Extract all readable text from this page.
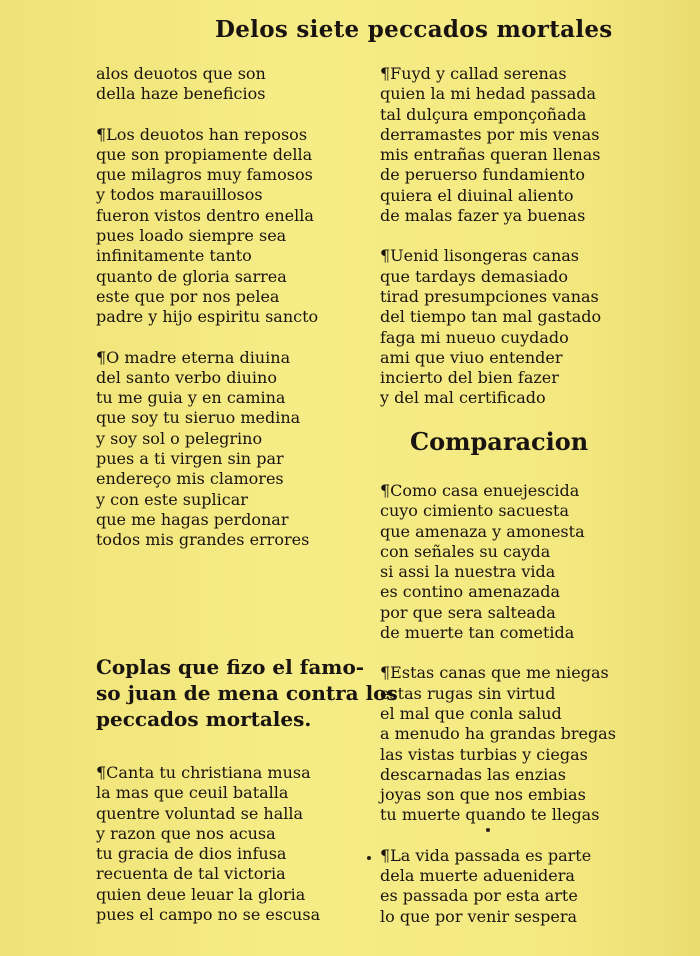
Delos siete peccados mortales
alos deuotos que son
della haze beneficios
¶Los deuotos han reposos
que son propiamente della
que milagros muy famosos
y todos marauillosos
fueron vistos dentro enella
pues loado siempre sea
infinitamente tanto
quanto de gloria sarrea
este que por nos pelea
padre y hijo espiritu sancto
¶O madre eterna diuina
del santo verbo diuino
tu me guia y en camina
que soy tu sieruo medina
y soy sol o pelegrino
pues a ti virgen sin par
endereço mis clamores
y con este suplicar
que me hagas perdonar
todos mis grandes errores
Coplas que fizo el famo-
so juan de mena contra los
peccados mortales.
¶Canta tu christiana musa
la mas que ceuil batalla
quentre voluntad se halla
y razon que nos acusa
tu gracia de dios infusa
recuenta de tal victoria
quien deue leuar la gloria
pues el campo no se escusa
¶Fuyd y callad serenas
quien la mi hedad passada
tal dulçura emponçoñada
derramastes por mis venas
mis entrañas queran llenas
de peruerso fundamiento
quiera el diuinal aliento
de malas fazer ya buenas
¶Uenid lisongeras canas
que tardays demasiado
tirad presumpciones vanas
del tiempo tan mal gastado
faga mi nueuo cuydado
ami que viuo entender
incierto del bien fazer
y del mal certificado
Comparacion
¶Como casa enuejescida
cuyo cimiento sacuesta
que amenaza y amonesta
con señales su cayda
si assi la nuestra vida
es contino amenazada
por que sera salteada
de muerte tan cometida
¶Estas canas que me niegas
estas rugas sin virtud
el mal que conla salud
a menudo ha grandas bregas
las vistas turbias y ciegas
descarnadas las enzias
joyas son que nos embias
tu muerte quando te llegas
¶La vida passada es parte
dela muerte aduenidera
es passada por esta arte
lo que por venir sespera
